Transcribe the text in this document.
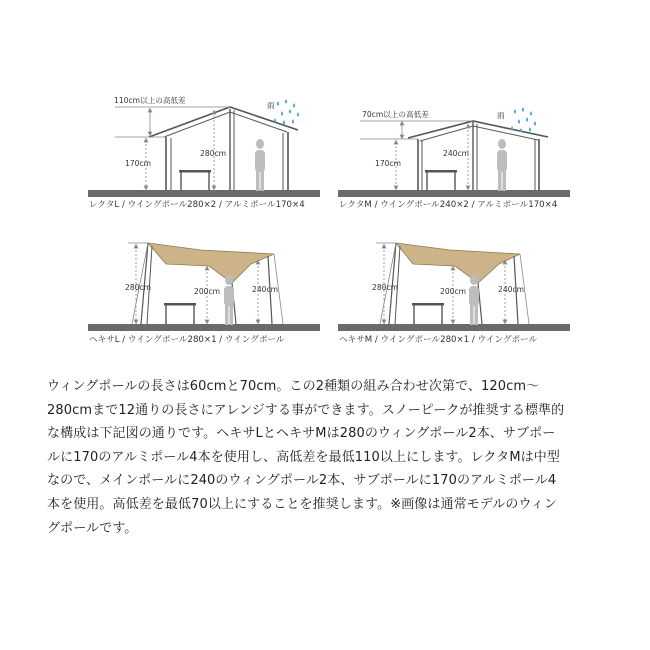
110cm以上の高低差
170cm
280cm
雨
レクタL / ウイングポール280×2 / アルミポール170×4
70cm以上の高低差
170cm
240cm
雨
レクタM / ウイングポール240×2 / アルミポール170×4
280cm	200cm	240cm
ヘキサL / ウイングポール280×1 / ウイングポール
280cm	200cm	240cm
ヘキサM / ウイングポール280×1 / ウイングポール
ウィングポールの長さは60cmと70cm。この2種類の組み合わせ次第で、120cm〜
280cmまで12通りの長さにアレンジする事ができます。スノーピークが推奨する標準的
な構成は下記図の通りです。ヘキサLとヘキサMは280のウィングポール2本、サブポー
ルに170のアルミポール4本を使用し、高低差を最低110以上にします。レクタMは中型
なので、メインポールに240のウィングポール2本、サブポールに170のアルミポール4
本を使用。高低差を最低70以上にすることを推奨します。※画像は通常モデルのウィン
グポールです。
